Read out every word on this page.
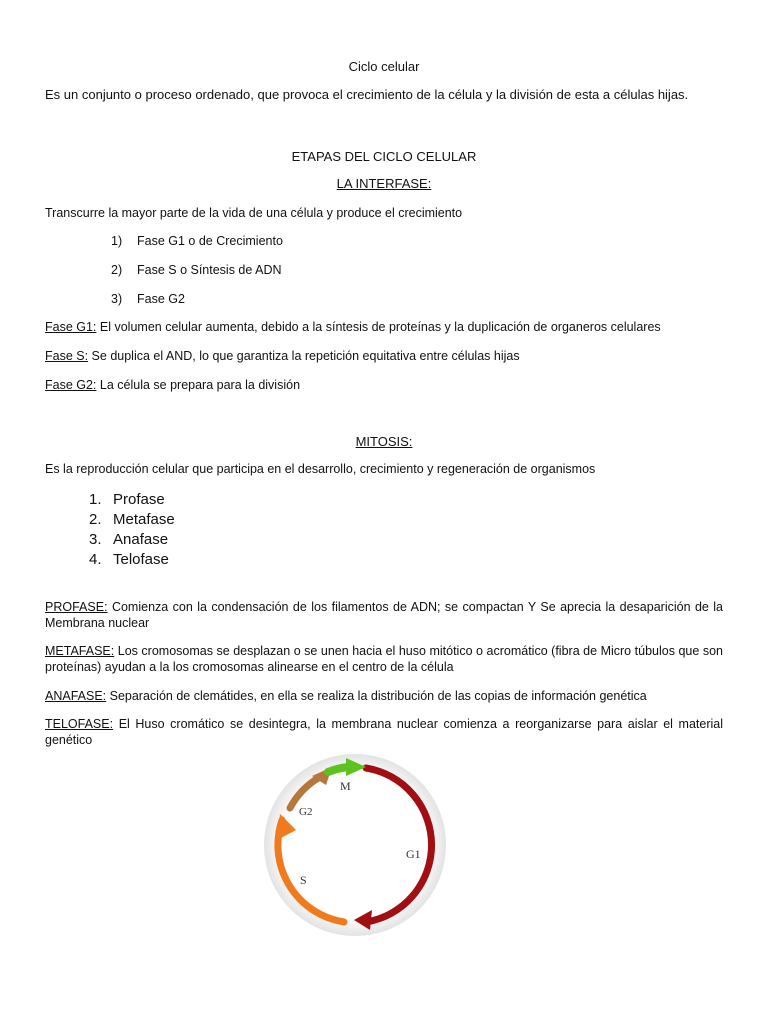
Ciclo celular
Es un conjunto o proceso ordenado, que provoca el crecimiento de la célula y la división de esta a células hijas.
ETAPAS DEL CICLO CELULAR
LA INTERFASE:
Transcurre la mayor parte de la vida de una célula y produce el crecimiento
1) Fase G1 o de Crecimiento
2) Fase S o Síntesis de ADN
3) Fase G2
Fase G1: El volumen celular aumenta, debido a la síntesis de proteínas y la duplicación de organeros celulares
Fase S: Se duplica el AND, lo que garantiza la repetición equitativa entre células hijas
Fase G2: La célula se prepara para la división
MITOSIS:
Es la reproducción celular que participa en el desarrollo, crecimiento y regeneración de organismos
1. Profase
2. Metafase
3. Anafase
4. Telofase
PROFASE: Comienza con la condensación de los filamentos de ADN; se compactan Y Se aprecia la desaparición de la Membrana nuclear
METAFASE: Los cromosomas se desplazan o se unen hacia el huso mitótico o acromático (fibra de Micro túbulos que son proteínas) ayudan a la los cromosomas alinearse en el centro de la célula
ANAFASE: Separación de clemátides, en ella se realiza la distribución de las copias de información genética
TELOFASE: El Huso cromático se desintegra, la membrana nuclear comienza a reorganizarse para aislar el material genético
M
G1
S
G2
